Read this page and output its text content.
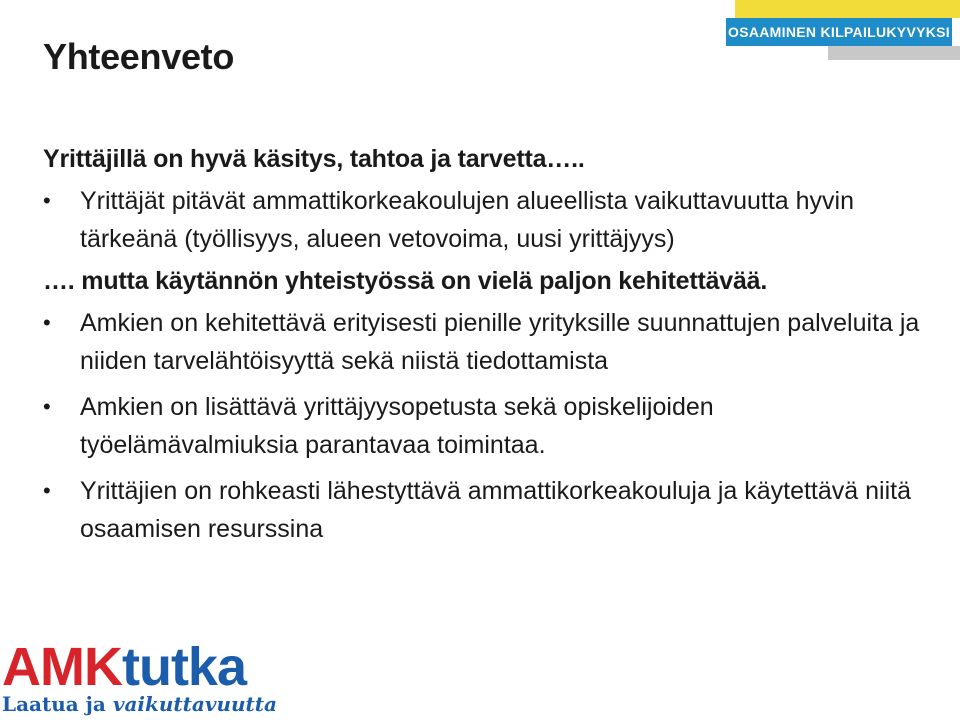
OSAAMINEN KILPAILUKYVYKSI
Yhteenveto

Yrittäjillä on hyvä käsitys, tahtoa ja tarvetta…..

• Yrittäjät pitävät ammattikorkeakoulujen alueellista vaikuttavuutta hyvin tärkeänä (työllisyys, alueen vetovoima, uusi yrittäjyys)

…. mutta käytännön yhteistyössä on vielä paljon kehitettävää.

• Amkien on kehitettävä erityisesti pienille yrityksille suunnattujen palveluita ja niiden tarvelähtöisyyttä sekä niistä tiedottamista
• Amkien on lisättävä yrittäjyysopetusta sekä opiskelijoiden työelämävalmiuksia parantavaa toimintaa.
• Yrittäjien on rohkeasti lähestyttävä ammattikorkeakouluja ja käytettävä niitä osaamisen resurssina
AMKtutka
Laatua ja vaikuttavuutta
